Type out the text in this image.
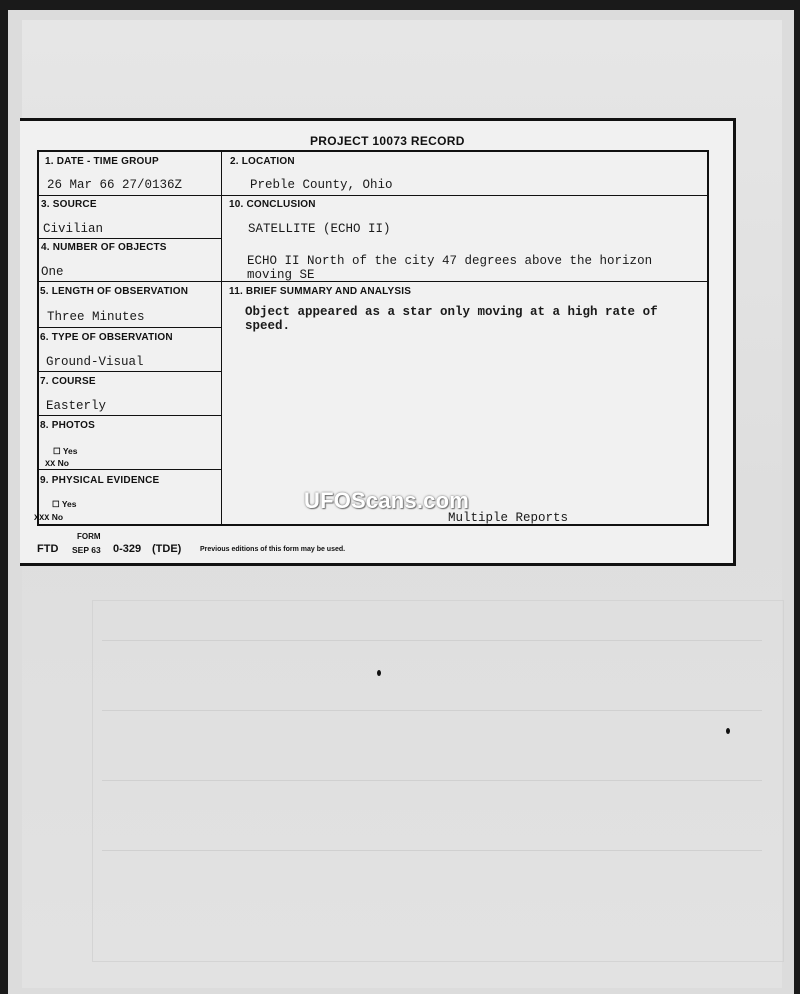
PROJECT 10073 RECORD
1. DATE - TIME GROUP
26 Mar 66 27/0136Z
2. LOCATION
Preble County, Ohio
3. SOURCE
Civilian
10. CONCLUSION
SATELLITE (ECHO II)
ECHO II North of the city 47 degrees above the horizon
moving SE
4. NUMBER OF OBJECTS
One
5. LENGTH OF OBSERVATION
Three Minutes
11. BRIEF SUMMARY AND ANALYSIS
Object appeared as a star only moving at a high rate of
speed.
Multiple Reports
6. TYPE OF OBSERVATION
Ground-Visual
7. COURSE
Easterly
8. PHOTOS
☐ Yes
XX No
9. PHYSICAL EVIDENCE
☐ Yes
XXX No
FORM
FTD SEP 63 0-329 (TDE)	Previous editions of this form may be used.
UFOScans.com
